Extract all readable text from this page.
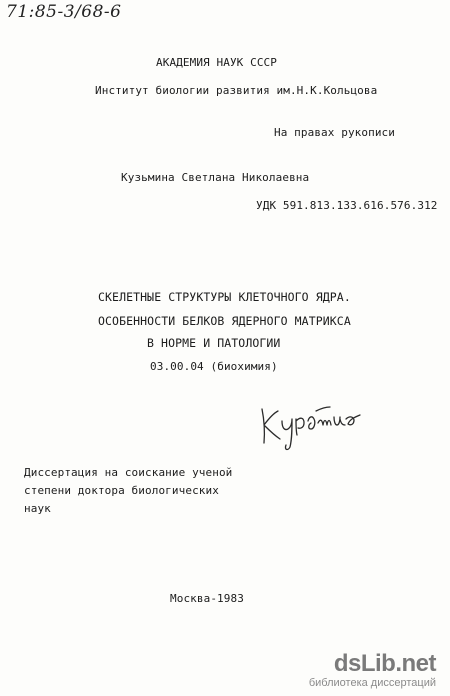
71:85-3/68-6
АКАДЕМИЯ НАУК СССР
Институт биологии развития им.Н.К.Кольцова
На правах рукописи
Кузьмина Светлана Николаевна
УДК 591.813.133.616.576.312
СКЕЛЕТНЫЕ СТРУКТУРЫ КЛЕТОЧНОГО ЯДРА.
ОСОБЕННОСТИ БЕЛКОВ ЯДЕРНОГО МАТРИКСА
В НОРМЕ И ПАТОЛОГИИ
03.00.04 (биохимия)
Диссертация на соискание ученой
степени доктора биологических
наук
Москва-1983
dsLib.net
библиотека диссертаций
